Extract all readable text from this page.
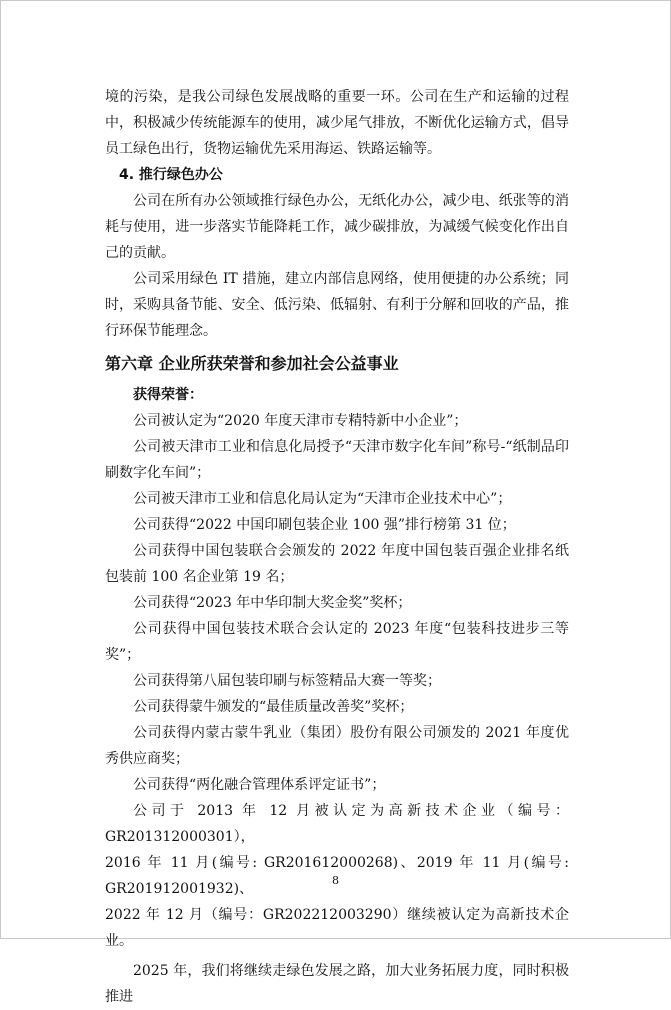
境的污染，是我公司绿色发展战略的重要一环。公司在生产和运输的过程中，积极减少传统能源车的使用，减少尾气排放，不断优化运输方式，倡导员工绿色出行，货物运输优先采用海运、铁路运输等。

4. 推行绿色办公

公司在所有办公领域推行绿色办公，无纸化办公，减少电、纸张等的消耗与使用，进一步落实节能降耗工作，减少碳排放，为减缓气候变化作出自己的贡献。

公司采用绿色 IT 措施，建立内部信息网络，使用便捷的办公系统；同时，采购具备节能、安全、低污染、低辐射、有利于分解和回收的产品，推行环保节能理念。

第六章 企业所获荣誉和参加社会公益事业

获得荣誉：

公司被认定为“2020 年度天津市专精特新中小企业”；

公司被天津市工业和信息化局授予“天津市数字化车间”称号-“纸制品印刷数字化车间”；

公司被天津市工业和信息化局认定为“天津市企业技术中心”；

公司获得“2022 中国印刷包装企业 100 强”排行榜第 31 位；

公司获得中国包装联合会颁发的 2022 年度中国包装百强企业排名纸包装前 100 名企业第 19 名；

公司获得“2023 年中华印制大奖金奖”奖杯；

公司获得中国包装技术联合会认定的 2023 年度“包装科技进步三等奖”；

公司获得第八届包装印刷与标签精品大赛一等奖；

公司获得蒙牛颁发的“最佳质量改善奖”奖杯；

公司获得内蒙古蒙牛乳业（集团）股份有限公司颁发的 2021 年度优秀供应商奖；

公司获得“两化融合管理体系评定证书”；

公司于 2013 年 12 月被认定为高新技术企业（编号：GR201312000301），

2016 年 11 月(编号: GR201612000268)、2019 年 11 月(编号: GR201912001932)、

2022 年 12 月（编号：GR202212003290）继续被认定为高新技术企业。

2025 年，我们将继续走绿色发展之路，加大业务拓展力度，同时积极推进

8
